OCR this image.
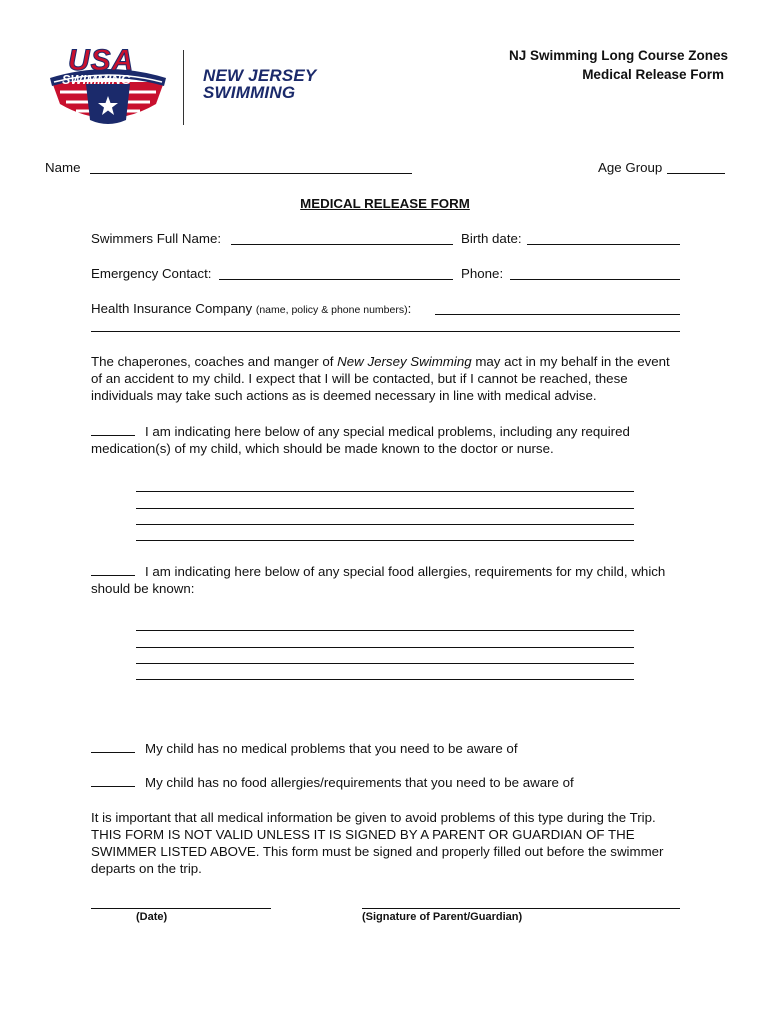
USA
SWIMMING	NEW JERSEY
SWIMMING
NJ Swimming Long Course Zones
Medical Release Form
Name	Age Group
MEDICAL RELEASE FORM
Swimmers Full Name:	Birth date:
Emergency Contact:	Phone:
Health Insurance Company (name, policy & phone numbers):
The chaperones, coaches and manger of New Jersey Swimming may act in my behalf in the event of an accident to my child. I expect that I will be contacted, but if I cannot be reached, these individuals may take such actions as is deemed necessary in line with medical advise.
I am indicating here below of any special medical problems, including any required medication(s) of my child, which should be made known to the doctor or nurse.
I am indicating here below of any special food allergies, requirements for my child, which should be known:
My child has no medical problems that you need to be aware of
My child has no food allergies/requirements that you need to be aware of
It is important that all medical information be given to avoid problems of this type during the Trip. THIS FORM IS NOT VALID UNLESS IT IS SIGNED BY A PARENT OR GUARDIAN OF THE SWIMMER LISTED ABOVE. This form must be signed and properly filled out before the swimmer departs on the trip.
(Date)	(Signature of Parent/Guardian)
